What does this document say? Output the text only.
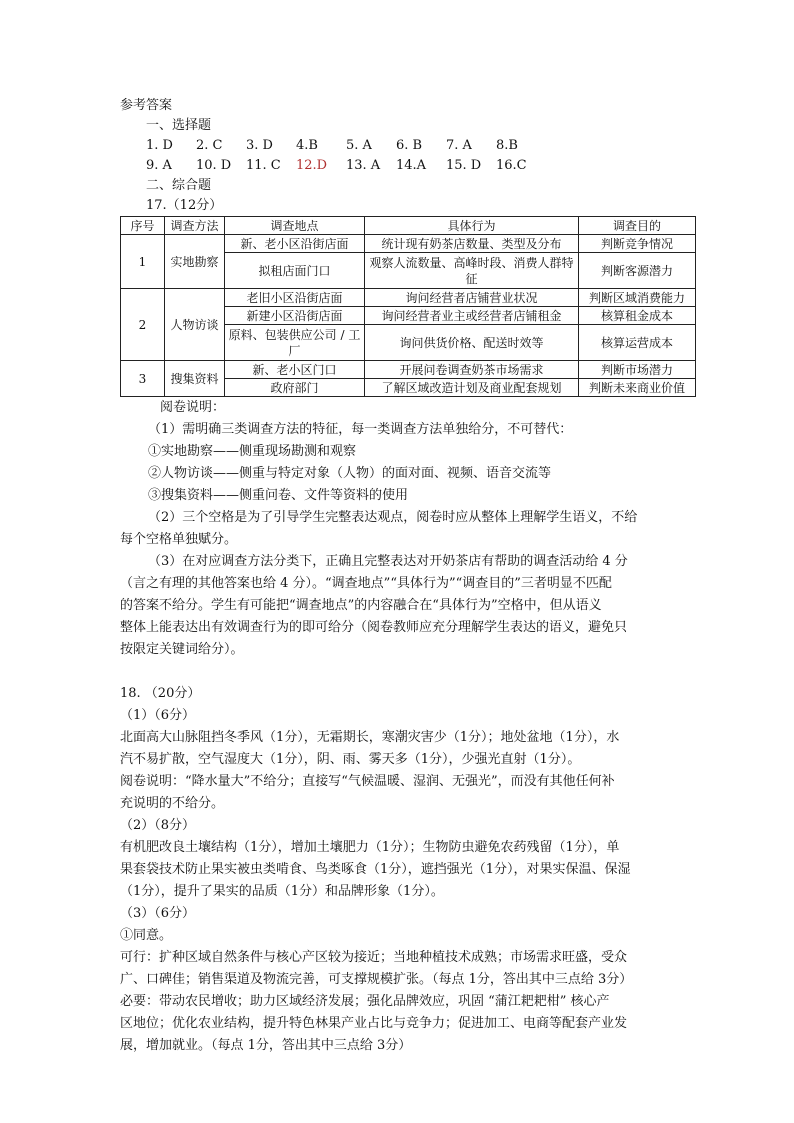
参考答案
一、选择题
1. D	2. C	3. D	4.B	5. A	6. B	7. A	8.B
9. A	10. D	11. C	12.D	13. A	14.A	15. D	16.C
二、综合题
17.（12分）
序号	调查方法	调查地点	具体行为	调查目的
1	实地勘察	新、老小区沿街店面	统计现有奶茶店数量、类型及分布	判断竞争情况
		拟租店面门口	观察人流数量、高峰时段、消费人群特征	判断客源潜力
2	人物访谈	老旧小区沿街店面	询问经营者店铺营业状况	判断区域消费能力
		新建小区沿街店面	询问经营者业主或经营者店铺租金	核算租金成本
		原料、包装供应公司 / 工厂	询问供货价格、配送时效等	核算运营成本
3	搜集资料	新、老小区门口	开展问卷调查奶茶市场需求	判断市场潜力
		政府部门	了解区域改造计划及商业配套规划	判断未来商业价值

阅卷说明：

（1）需明确三类调查方法的特征，每一类调查方法单独给分，不可替代：

①实地勘察——侧重现场勘测和观察

②人物访谈——侧重与特定对象（人物）的面对面、视频、语音交流等

③搜集资料——侧重问卷、文件等资料的使用

（2）三个空格是为了引导学生完整表达观点，阅卷时应从整体上理解学生语义，不给

每个空格单独赋分。

（3）在对应调查方法分类下，正确且完整表达对开奶茶店有帮助的调查活动给 4 分

（言之有理的其他答案也给 4 分）。“调查地点”“具体行为”“调查目的”三者明显不匹配

的答案不给分。学生有可能把“调查地点”的内容融合在“具体行为”空格中，但从语义

整体上能表达出有效调查行为的即可给分（阅卷教师应充分理解学生表达的语义，避免只

按限定关键词给分）。

18. （20分）

（1）（6分）

北面高大山脉阻挡冬季风（1分），无霜期长，寒潮灾害少（1分）；地处盆地（1分），水

汽不易扩散，空气湿度大（1分），阴、雨、雾天多（1分），少强光直射（1分）。

阅卷说明：“降水量大”不给分；直接写“气候温暖、湿润、无强光”，而没有其他任何补

充说明的不给分。

（2）（8分）

有机肥改良土壤结构（1分），增加土壤肥力（1分）；生物防虫避免农药残留（1分），单

果套袋技术防止果实被虫类啃食、鸟类啄食（1分），遮挡强光（1分），对果实保温、保湿

（1分），提升了果实的品质（1分）和品牌形象（1分）。

（3）（6分）

①同意。

可行：扩种区域自然条件与核心产区较为接近；当地种植技术成熟；市场需求旺盛，受众

广、口碑佳；销售渠道及物流完善，可支撑规模扩张。（每点 1分，答出其中三点给 3分）

必要：带动农民增收；助力区域经济发展；强化品牌效应，巩固 “蒲江耙耙柑” 核心产

区地位；优化农业结构，提升特色林果产业占比与竞争力；促进加工、电商等配套产业发

展，增加就业。（每点 1分，答出其中三点给 3分）
